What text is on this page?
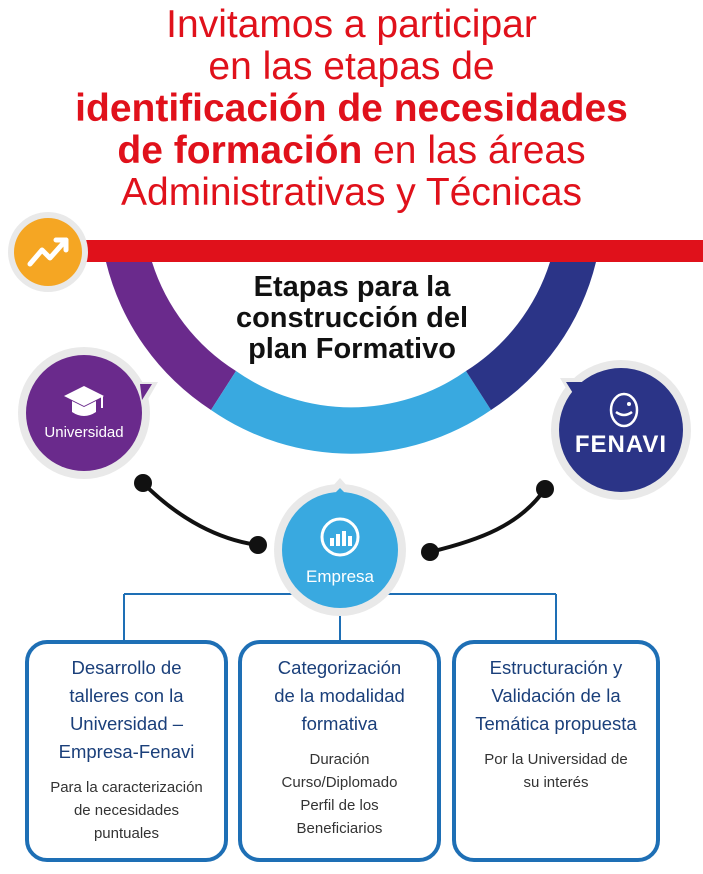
Invitamos a participar
en las etapas de
identificación de necesidades
de formación en las áreas
Administrativas y Técnicas
Etapas para la
construcción del
plan Formativo
Universidad
Empresa
FENAVI
Desarrollo de
talleres con la
Universidad –
Empresa-Fenavi
Para la caracterización
de necesidades
puntuales
Categorización
de la modalidad
formativa
Duración
Curso/Diplomado
Perfil de los
Beneficiarios
Estructuración y
Validación de la
Temática propuesta
Por la Universidad de
su interés
